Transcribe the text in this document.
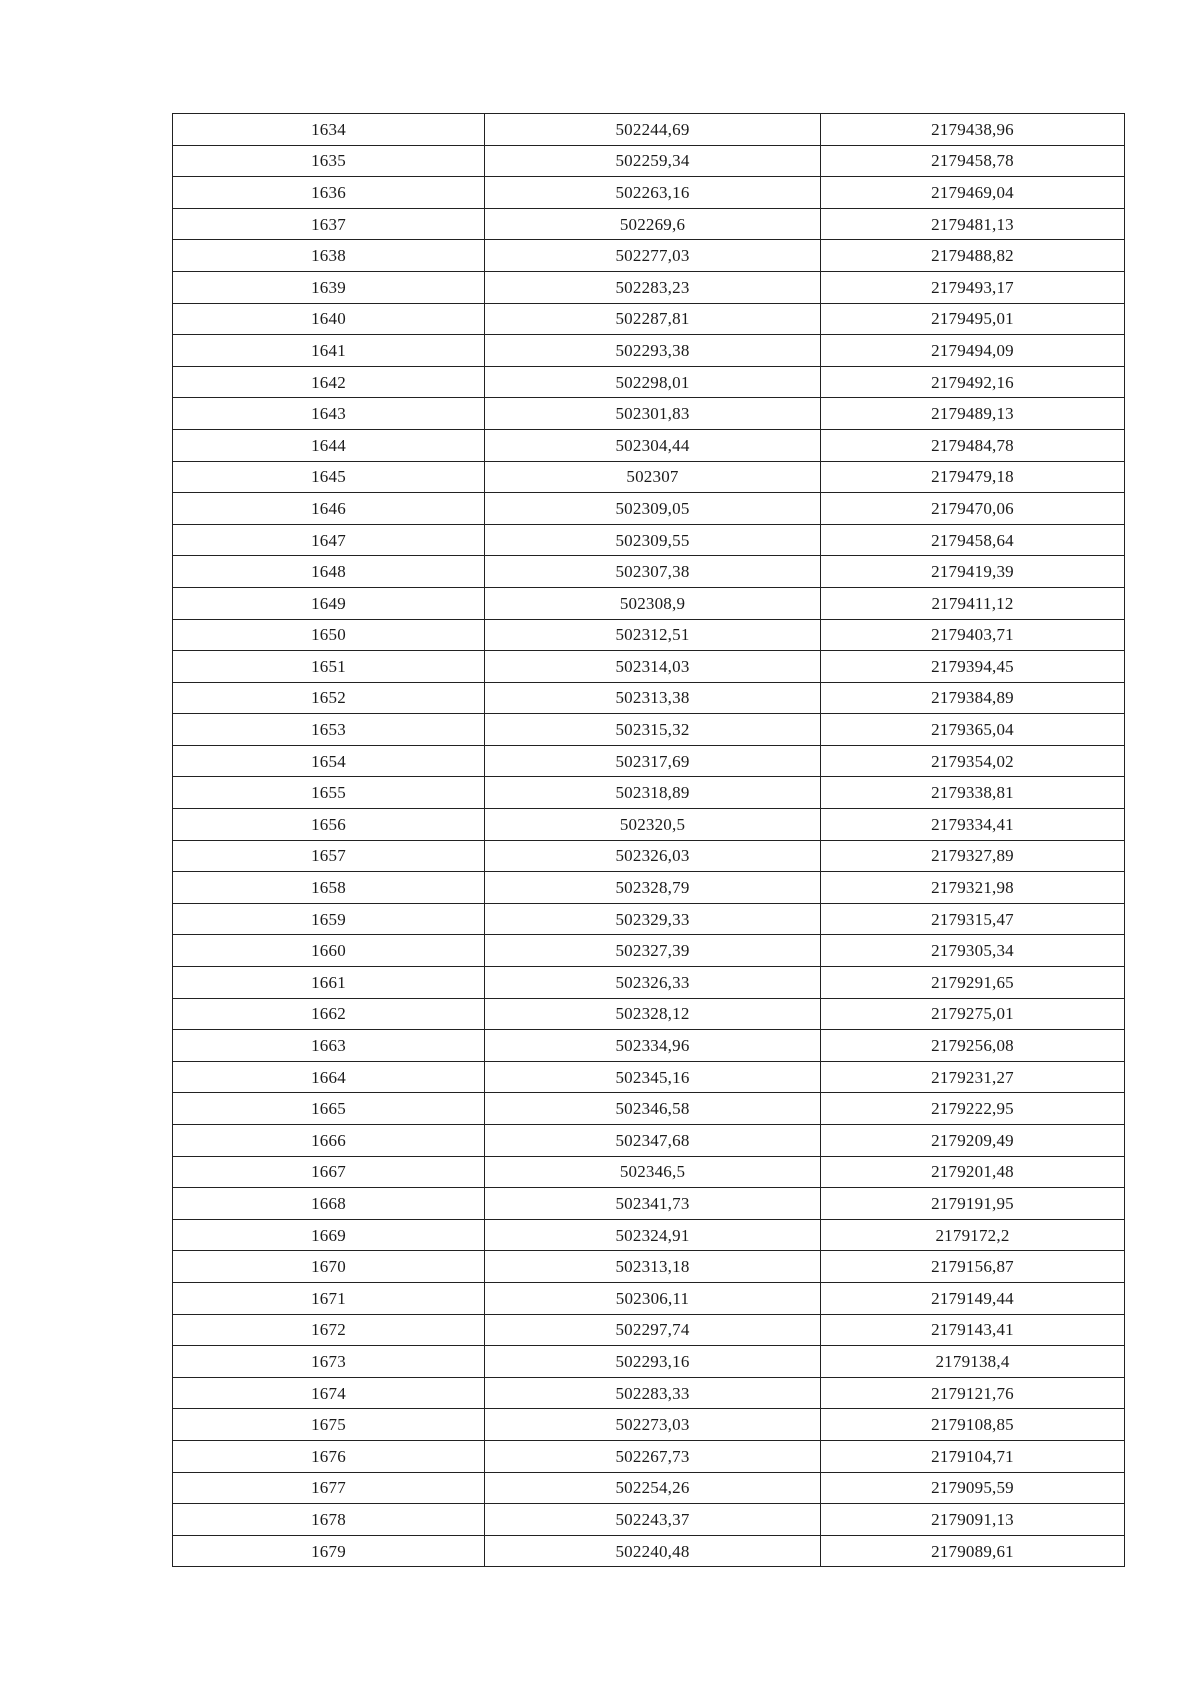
1634	502244,69	2179438,96
1635	502259,34	2179458,78
1636	502263,16	2179469,04
1637	502269,6	2179481,13
1638	502277,03	2179488,82
1639	502283,23	2179493,17
1640	502287,81	2179495,01
1641	502293,38	2179494,09
1642	502298,01	2179492,16
1643	502301,83	2179489,13
1644	502304,44	2179484,78
1645	502307	2179479,18
1646	502309,05	2179470,06
1647	502309,55	2179458,64
1648	502307,38	2179419,39
1649	502308,9	2179411,12
1650	502312,51	2179403,71
1651	502314,03	2179394,45
1652	502313,38	2179384,89
1653	502315,32	2179365,04
1654	502317,69	2179354,02
1655	502318,89	2179338,81
1656	502320,5	2179334,41
1657	502326,03	2179327,89
1658	502328,79	2179321,98
1659	502329,33	2179315,47
1660	502327,39	2179305,34
1661	502326,33	2179291,65
1662	502328,12	2179275,01
1663	502334,96	2179256,08
1664	502345,16	2179231,27
1665	502346,58	2179222,95
1666	502347,68	2179209,49
1667	502346,5	2179201,48
1668	502341,73	2179191,95
1669	502324,91	2179172,2
1670	502313,18	2179156,87
1671	502306,11	2179149,44
1672	502297,74	2179143,41
1673	502293,16	2179138,4
1674	502283,33	2179121,76
1675	502273,03	2179108,85
1676	502267,73	2179104,71
1677	502254,26	2179095,59
1678	502243,37	2179091,13
1679	502240,48	2179089,61
